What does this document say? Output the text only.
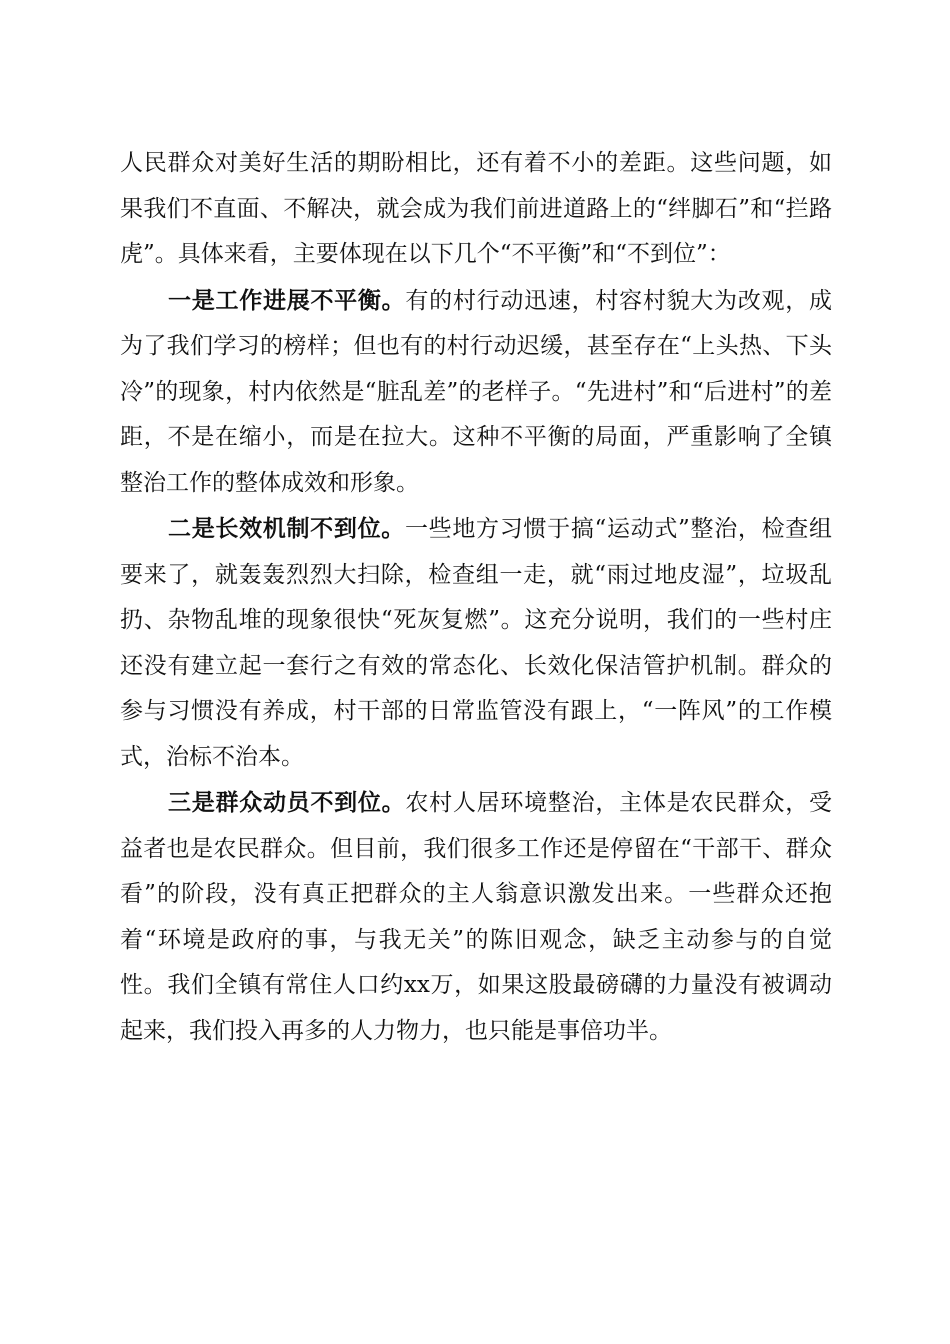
人民群众对美好生活的期盼相比，还有着不小的差距。这些问题，如果我们不直面、不解决，就会成为我们前进道路上的“绊脚石”和“拦路虎”。具体来看，主要体现在以下几个“不平衡”和“不到位”：

一是工作进展不平衡。有的村行动迅速，村容村貌大为改观，成为了我们学习的榜样；但也有的村行动迟缓，甚至存在“上头热、下头冷”的现象，村内依然是“脏乱差”的老样子。“先进村”和“后进村”的差距，不是在缩小，而是在拉大。这种不平衡的局面，严重影响了全镇整治工作的整体成效和形象。

二是长效机制不到位。一些地方习惯于搞“运动式”整治，检查组要来了，就轰轰烈烈大扫除，检查组一走，就“雨过地皮湿”，垃圾乱扔、杂物乱堆的现象很快“死灰复燃”。这充分说明，我们的一些村庄还没有建立起一套行之有效的常态化、长效化保洁管护机制。群众的参与习惯没有养成，村干部的日常监管没有跟上，“一阵风”的工作模式，治标不治本。

三是群众动员不到位。农村人居环境整治，主体是农民群众，受益者也是农民群众。但目前，我们很多工作还是停留在“干部干、群众看”的阶段，没有真正把群众的主人翁意识激发出来。一些群众还抱着“环境是政府的事，与我无关”的陈旧观念，缺乏主动参与的自觉性。我们全镇有常住人口约xx万，如果这股最磅礴的力量没有被调动起来，我们投入再多的人力物力，也只能是事倍功半。
